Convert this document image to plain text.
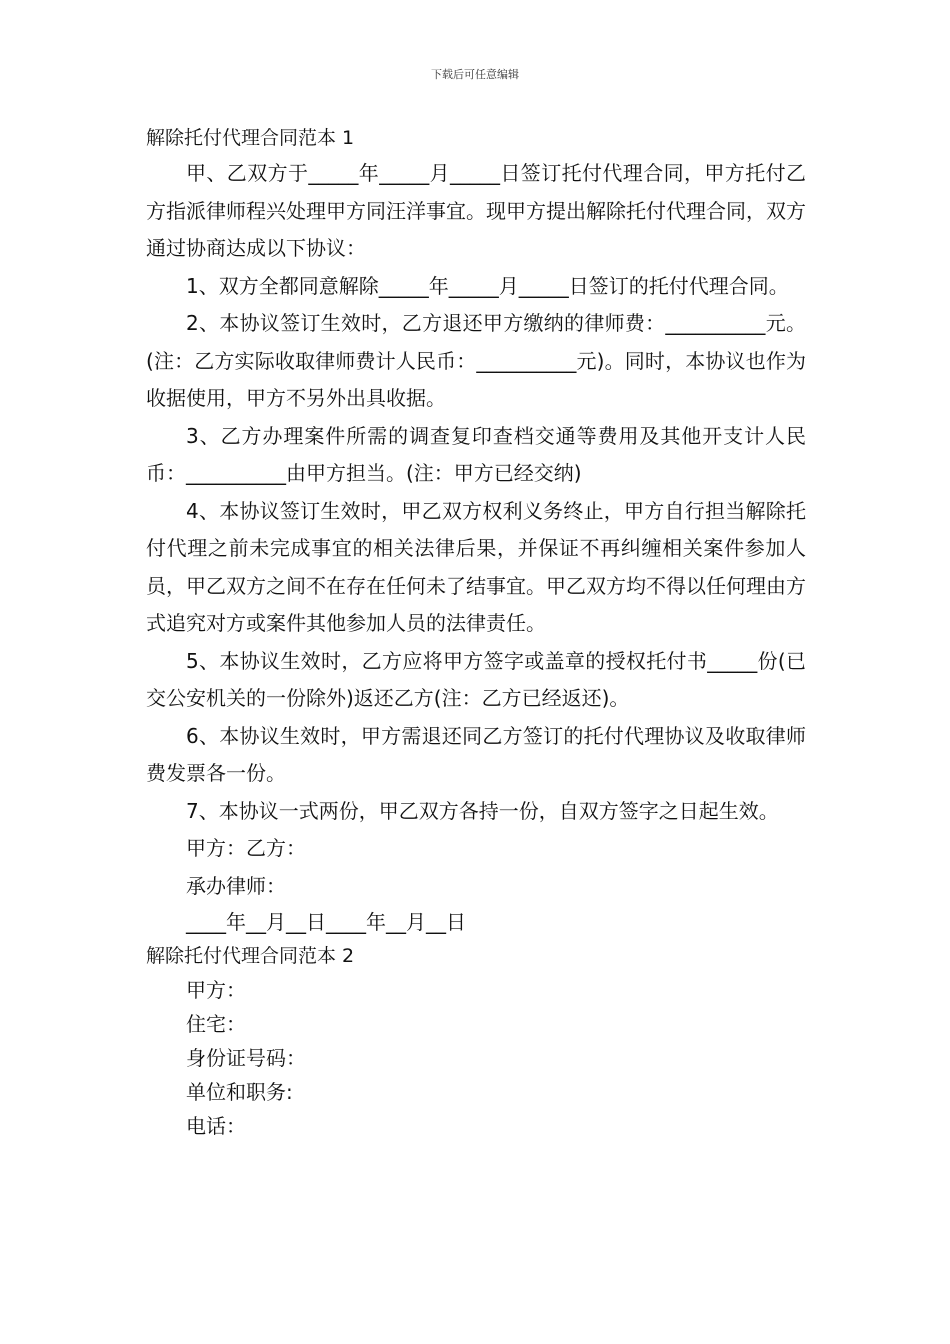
下载后可任意编辑
解除托付代理合同范本 1

甲、乙双方于_____年_____月_____日签订托付代理合同，甲方托付乙方指派律师程兴处理甲方同汪洋事宜。现甲方提出解除托付代理合同，双方通过协商达成以下协议：

1、双方全都同意解除_____年_____月_____日签订的托付代理合同。

2、本协议签订生效时，乙方退还甲方缴纳的律师费：__________元。(注：乙方实际收取律师费计人民币：__________元)。同时，本协议也作为收据使用，甲方不另外出具收据。

3、乙方办理案件所需的调查复印查档交通等费用及其他开支计人民币：__________由甲方担当。(注：甲方已经交纳)

4、本协议签订生效时，甲乙双方权利义务终止，甲方自行担当解除托付代理之前未完成事宜的相关法律后果，并保证不再纠缠相关案件参加人员，甲乙双方之间不在存在任何未了结事宜。甲乙双方均不得以任何理由方式追究对方或案件其他参加人员的法律责任。

5、本协议生效时，乙方应将甲方签字或盖章的授权托付书_____份(已交公安机关的一份除外)返还乙方(注：乙方已经返还)。

6、本协议生效时，甲方需退还同乙方签订的托付代理协议及收取律师费发票各一份。

7、本协议一式两份，甲乙双方各持一份，自双方签字之日起生效。

甲方：乙方：
承办律师：
____年__月__日____年__月__日
解除托付代理合同范本 2
甲方：
住宅：
身份证号码：
单位和职务:
电话：
